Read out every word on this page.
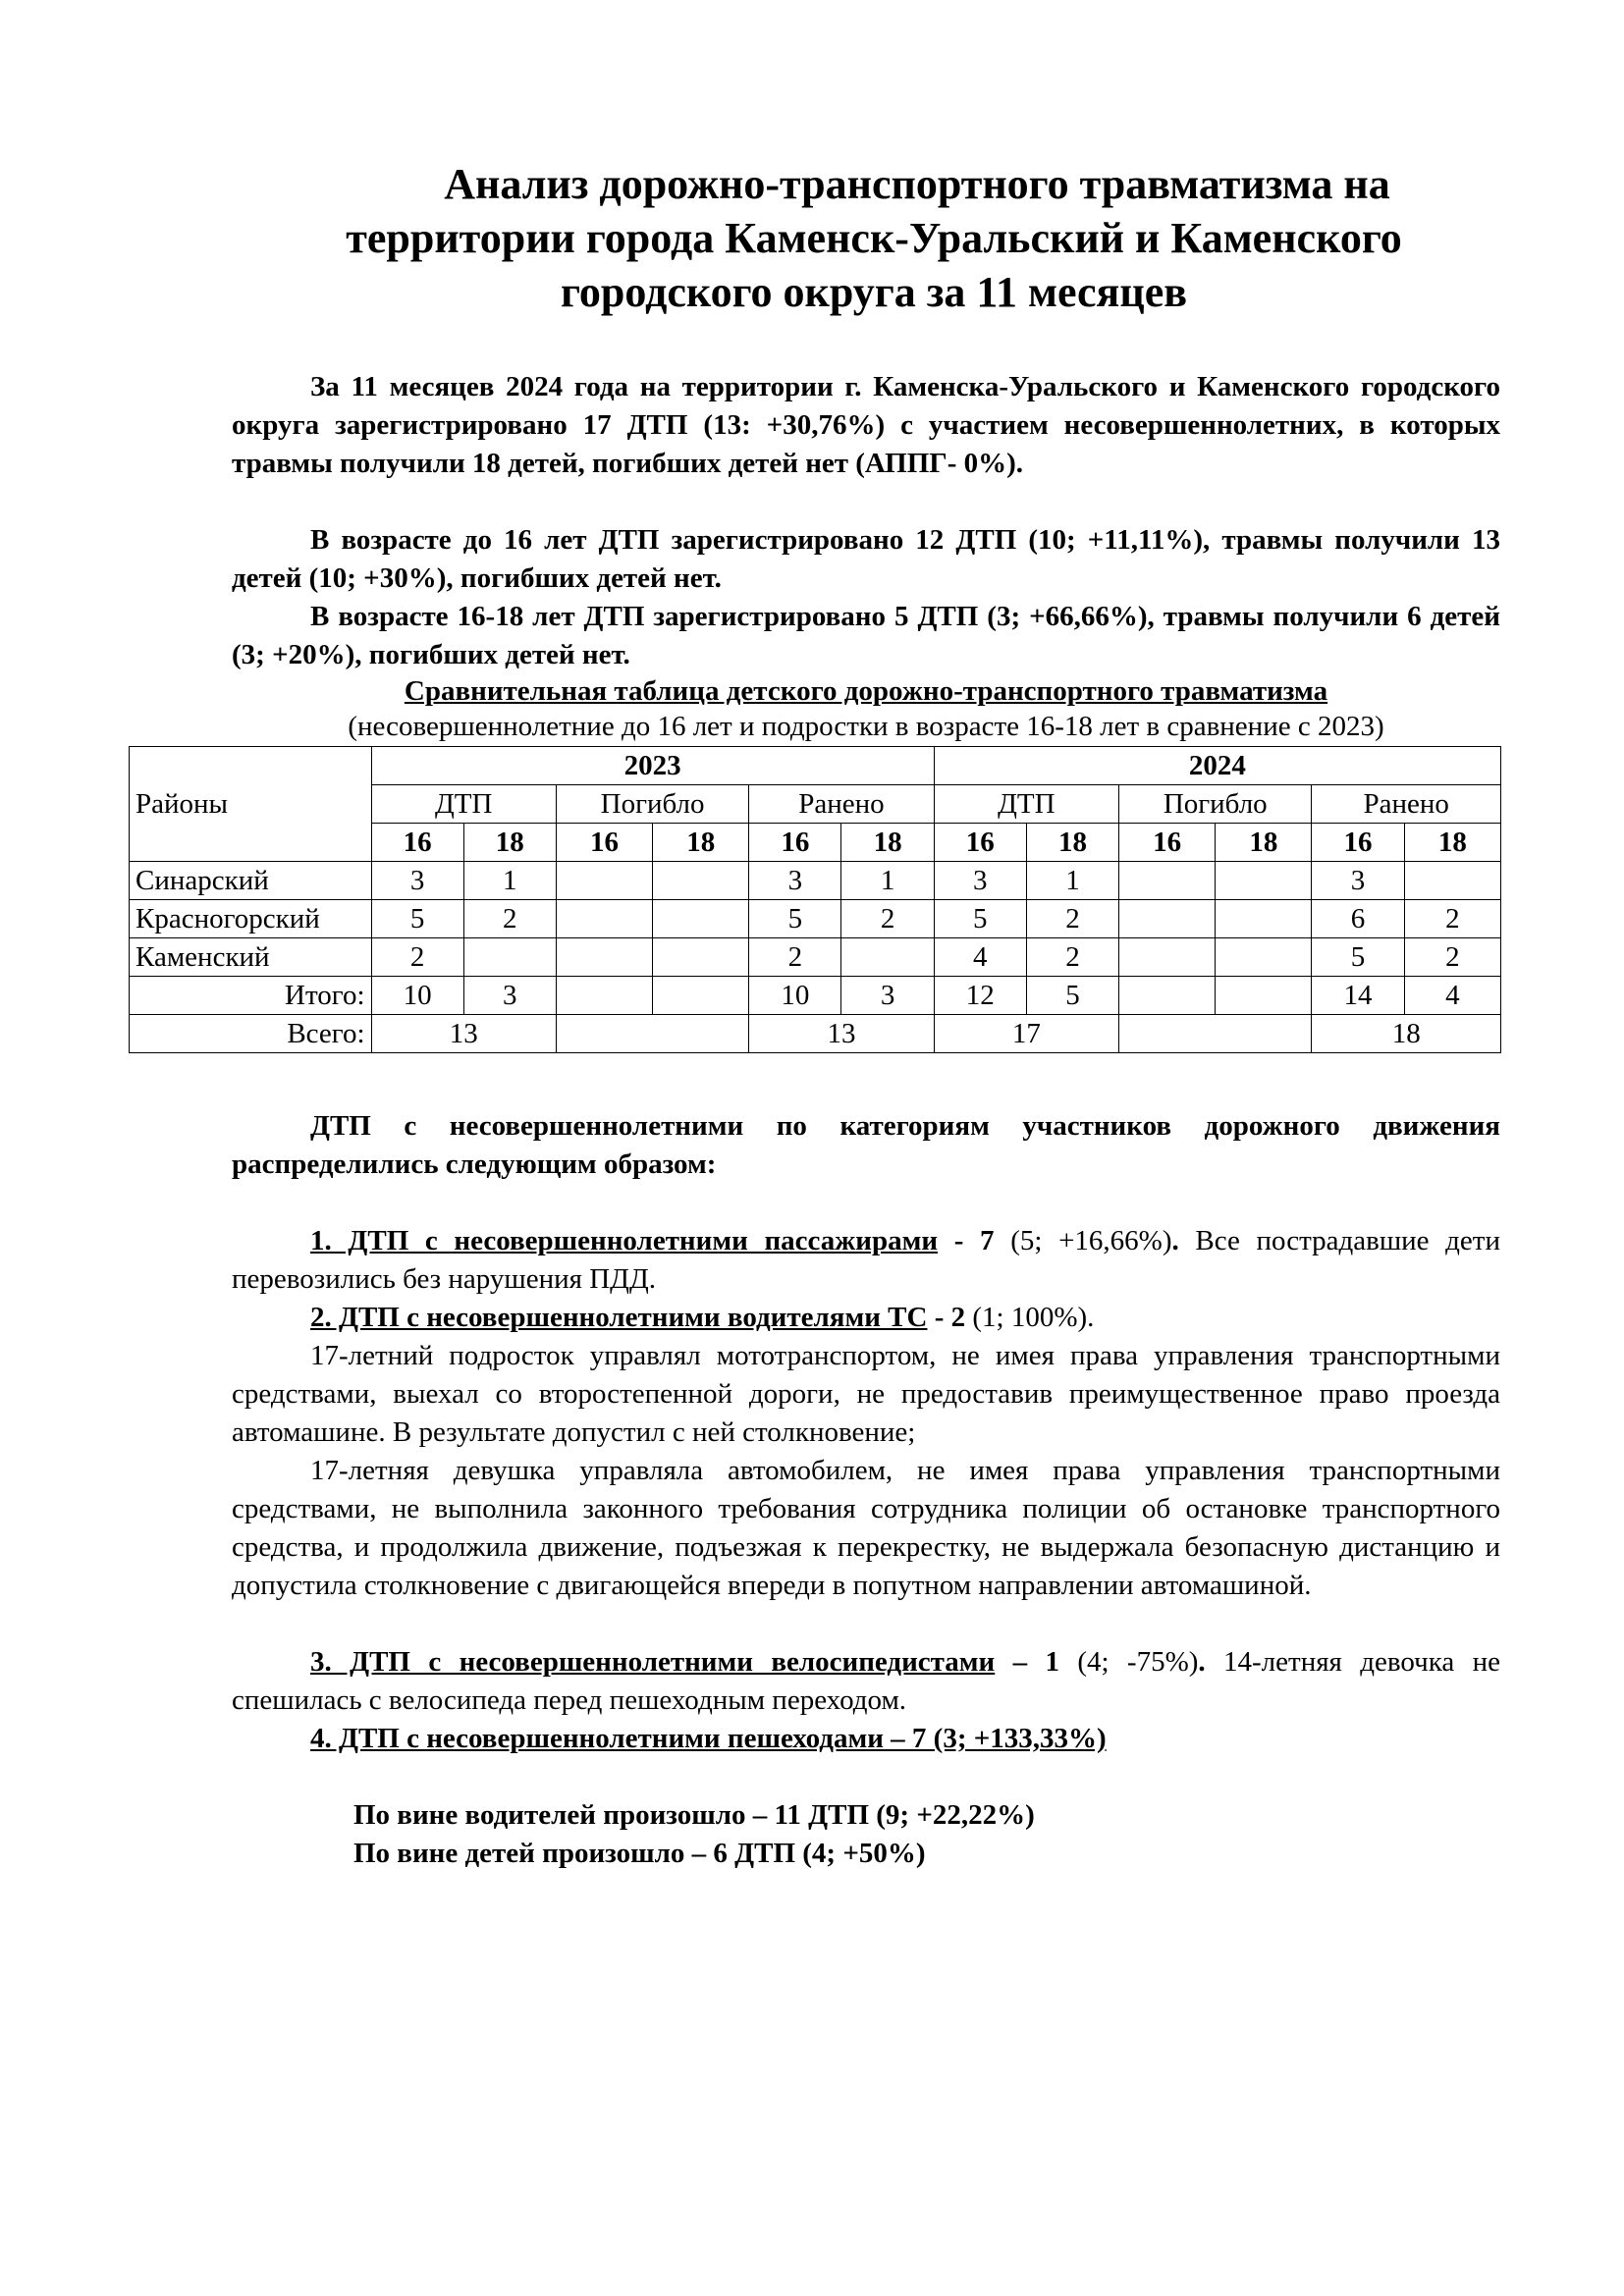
Анализ дорожно-транспортного травматизма на
территории города Каменск-Уральский и Каменского
городского округа за 11 месяцев
За 11 месяцев 2024 года на территории г. Каменска-Уральского и Каменского городского округа зарегистрировано 17 ДТП (13: +30,76%) с участием несовершеннолетних, в которых травмы получили 18 детей, погибших детей нет (АППГ- 0%).
В возрасте до 16 лет ДТП зарегистрировано 12 ДТП (10; +11,11%), травмы получили 13 детей (10; +30%), погибших детей нет.
В возрасте 16-18 лет ДТП зарегистрировано 5 ДТП (3; +66,66%), травмы получили 6 детей (3; +20%), погибших детей нет.
Сравнительная таблица детского дорожно-транспортного травматизма
(несовершеннолетние до 16 лет и подростки в возрасте 16-18 лет в сравнение с 2023)
Районы	2023						2024					
	ДТП		Погибло		Ранено		ДТП		Погибло		Ранено	
	16	18	16	18	16	18	16	18	16	18	16	18
Синарский	3	1			3	1	3	1			3	
Красногорский	5	2			5	2	5	2			6	2
Каменский	2				2		4	2			5	2
Итого:	10	3			10	3	12	5			14	4
Всего:	13				13		17				18	
ДТП с несовершеннолетними по категориям участников дорожного движения распределились следующим образом:
1. ДТП с несовершеннолетними пассажирами - 7 (5; +16,66%). Все пострадавшие дети перевозились без нарушения ПДД.
2. ДТП с несовершеннолетними водителями ТС - 2 (1; 100%).
17-летний подросток управлял мототранспортом, не имея права управления транспортными средствами, выехал со второстепенной дороги, не предоставив преимущественное право проезда автомашине. В результате допустил с ней столкновение;
17-летняя девушка управляла автомобилем, не имея права управления транспортными средствами, не выполнила законного требования сотрудника полиции об остановке транспортного средства, и продолжила движение, подъезжая к перекрестку, не выдержала безопасную дистанцию и допустила столкновение с двигающейся впереди в попутном направлении автомашиной.
3. ДТП с несовершеннолетними велосипедистами – 1 (4; -75%). 14-летняя девочка не спешилась с велосипеда перед пешеходным переходом.
4. ДТП с несовершеннолетними пешеходами – 7 (3; +133,33%)
По вине водителей произошло – 11 ДТП (9; +22,22%)
По вине детей произошло – 6 ДТП (4; +50%)
